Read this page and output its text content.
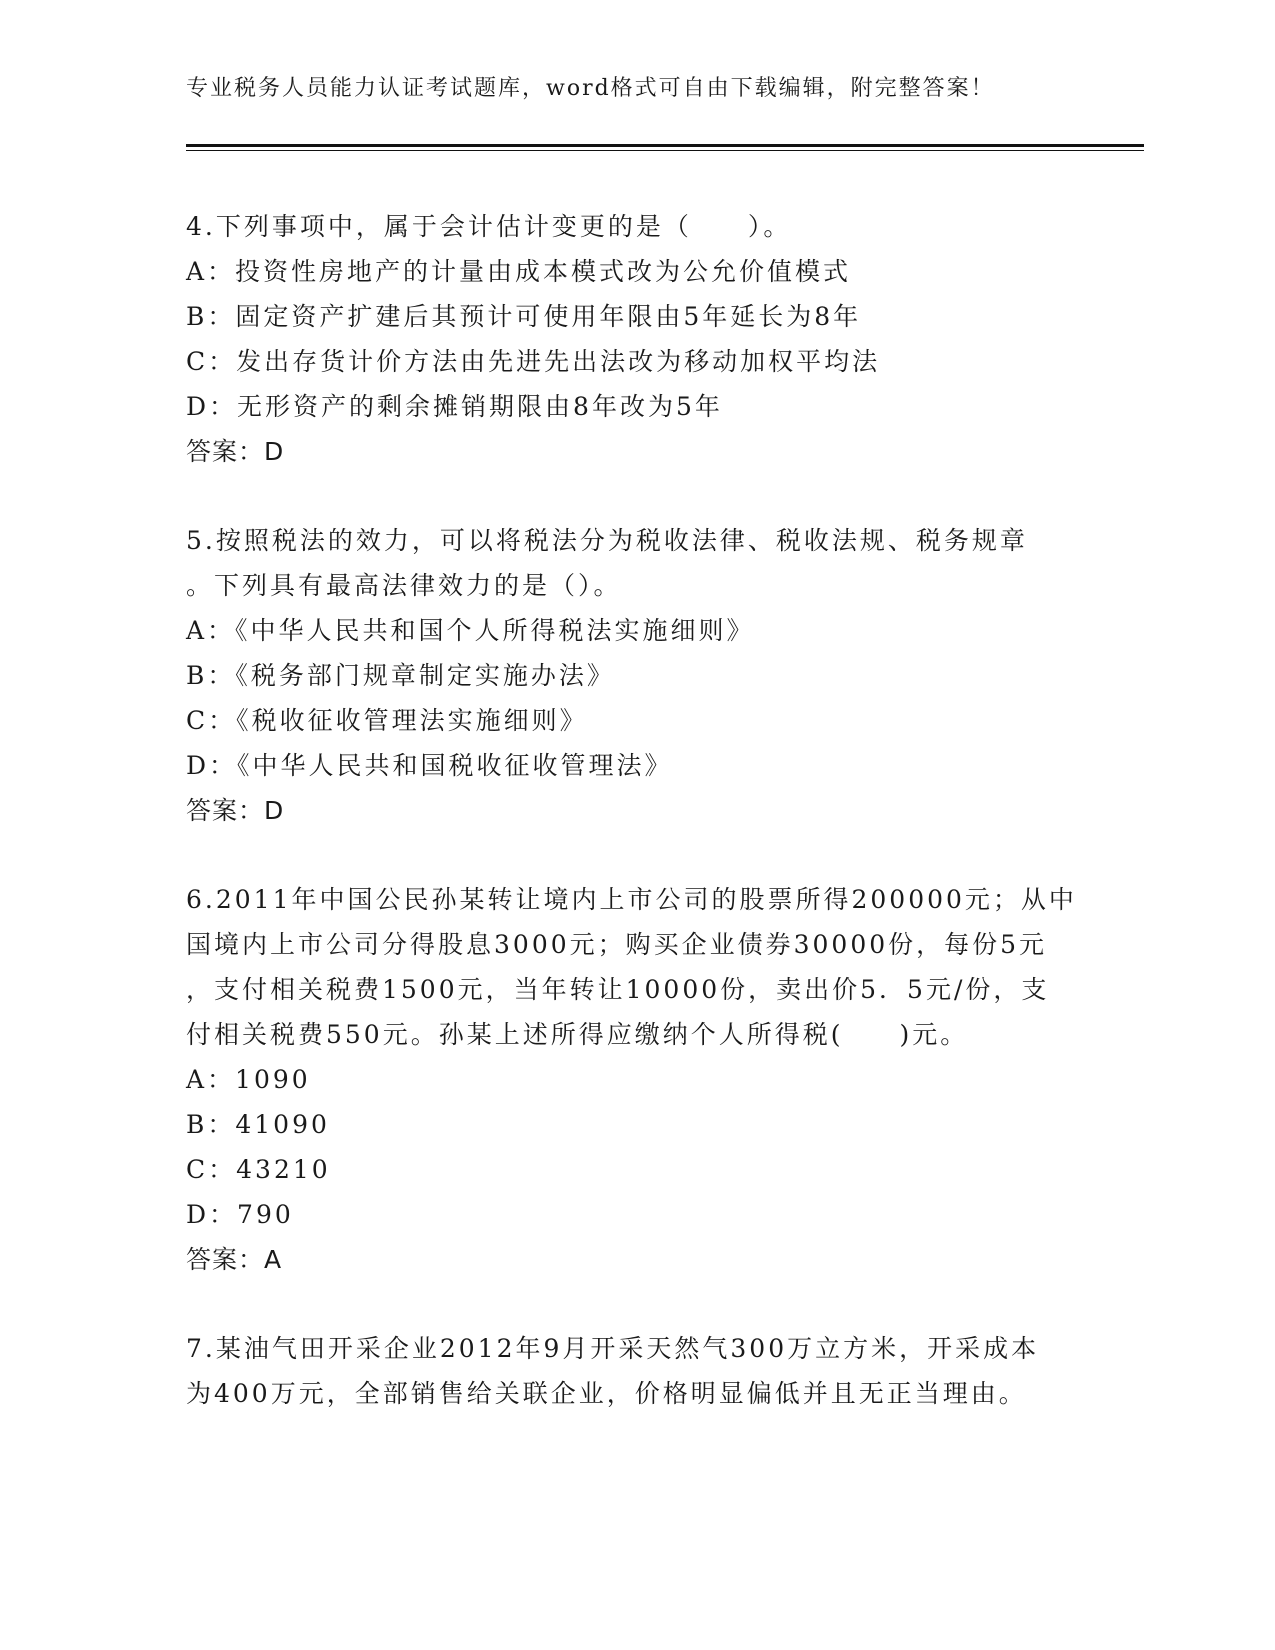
专业税务人员能力认证考试题库，word格式可自由下载编辑，附完整答案！
4.下列事项中，属于会计估计变更的是（　　）。
A：投资性房地产的计量由成本模式改为公允价值模式
B：固定资产扩建后其预计可使用年限由5年延长为8年
C：发出存货计价方法由先进先出法改为移动加权平均法
D：无形资产的剩余摊销期限由8年改为5年
答案：D
5.按照税法的效力，可以将税法分为税收法律、税收法规、税务规章
。下列具有最高法律效力的是（）。
A：《中华人民共和国个人所得税法实施细则》
B：《税务部门规章制定实施办法》
C：《税收征收管理法实施细则》
D：《中华人民共和国税收征收管理法》
答案：D
6.2011年中国公民孙某转让境内上市公司的股票所得200000元；从中
国境内上市公司分得股息3000元；购买企业债券30000份，每份5元
，支付相关税费1500元，当年转让10000份，卖出价5．5元/份，支
付相关税费550元。孙某上述所得应缴纳个人所得税(　　)元。
A：1090
B：41090
C：43210
D：790
答案：A
7.某油气田开采企业2012年9月开采天然气300万立方米，开采成本
为400万元，全部销售给关联企业，价格明显偏低并且无正当理由。
